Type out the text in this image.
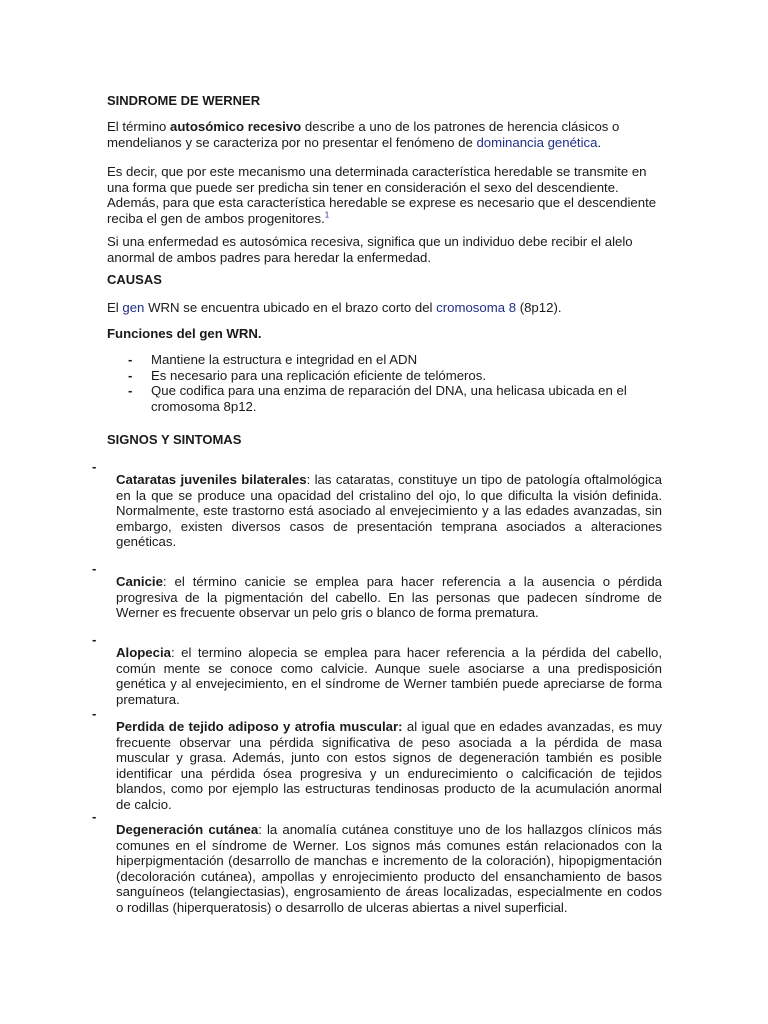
SINDROME DE WERNER

El término autosómico recesivo describe a uno de los patrones de herencia clásicos o mendelianos y se caracteriza por no presentar el fenómeno de dominancia genética.

Es decir, que por este mecanismo una determinada característica heredable se transmite en una forma que puede ser predicha sin tener en consideración el sexo del descendiente. Además, para que esta característica heredable se exprese es necesario que el descendiente reciba el gen de ambos progenitores.$^1$

Si una enfermedad es autosómica recesiva, significa que un individuo debe recibir el alelo anormal de ambos padres para heredar la enfermedad.

CAUSAS

El gen WRN se encuentra ubicado en el brazo corto del cromosoma 8 (8p12).

Funciones del gen WRN.

- Mantiene la estructura e integridad en el ADN
- Es necesario para una replicación eficiente de telómeros.
- Que codifica para una enzima de reparación del DNA, una helicasa ubicada en el cromosoma 8p12.

SIGNOS Y SINTOMAS

-

Cataratas juveniles bilaterales: las cataratas, constituye un tipo de patología oftalmológica en la que se produce una opacidad del cristalino del ojo, lo que dificulta la visión definida. Normalmente, este trastorno está asociado al envejecimiento y a las edades avanzadas, sin embargo, existen diversos casos de presentación temprana asociados a alteraciones genéticas.

-

Canicie: el término canicie se emplea para hacer referencia a la ausencia o pérdida progresiva de la pigmentación del cabello. En las personas que padecen síndrome de Werner es frecuente observar un pelo gris o blanco de forma prematura.

-

Alopecia: el termino alopecia se emplea para hacer referencia a la pérdida del cabello, común mente se conoce como calvicie. Aunque suele asociarse a una predisposición genética y al envejecimiento, en el síndrome de Werner también puede apreciarse de forma prematura.

-

Perdida de tejido adiposo y atrofia muscular: al igual que en edades avanzadas, es muy frecuente observar una pérdida significativa de peso asociada a la pérdida de masa muscular y grasa. Además, junto con estos signos de degeneración también es posible identificar una pérdida ósea progresiva y un endurecimiento o calcificación de tejidos blandos, como por ejemplo las estructuras tendinosas producto de la acumulación anormal de calcio.

-

Degeneración cutánea: la anomalía cutánea constituye uno de los hallazgos clínicos más comunes en el síndrome de Werner. Los signos más comunes están relacionados con la hiperpigmentación (desarrollo de manchas e incremento de la coloración), hipopigmentación (decoloración cutánea), ampollas y enrojecimiento producto del ensanchamiento de basos sanguíneos (telangiectasias), engrosamiento de áreas localizadas, especialmente en codos o rodillas (hiperqueratosis) o desarrollo de ulceras abiertas a nivel superficial.
